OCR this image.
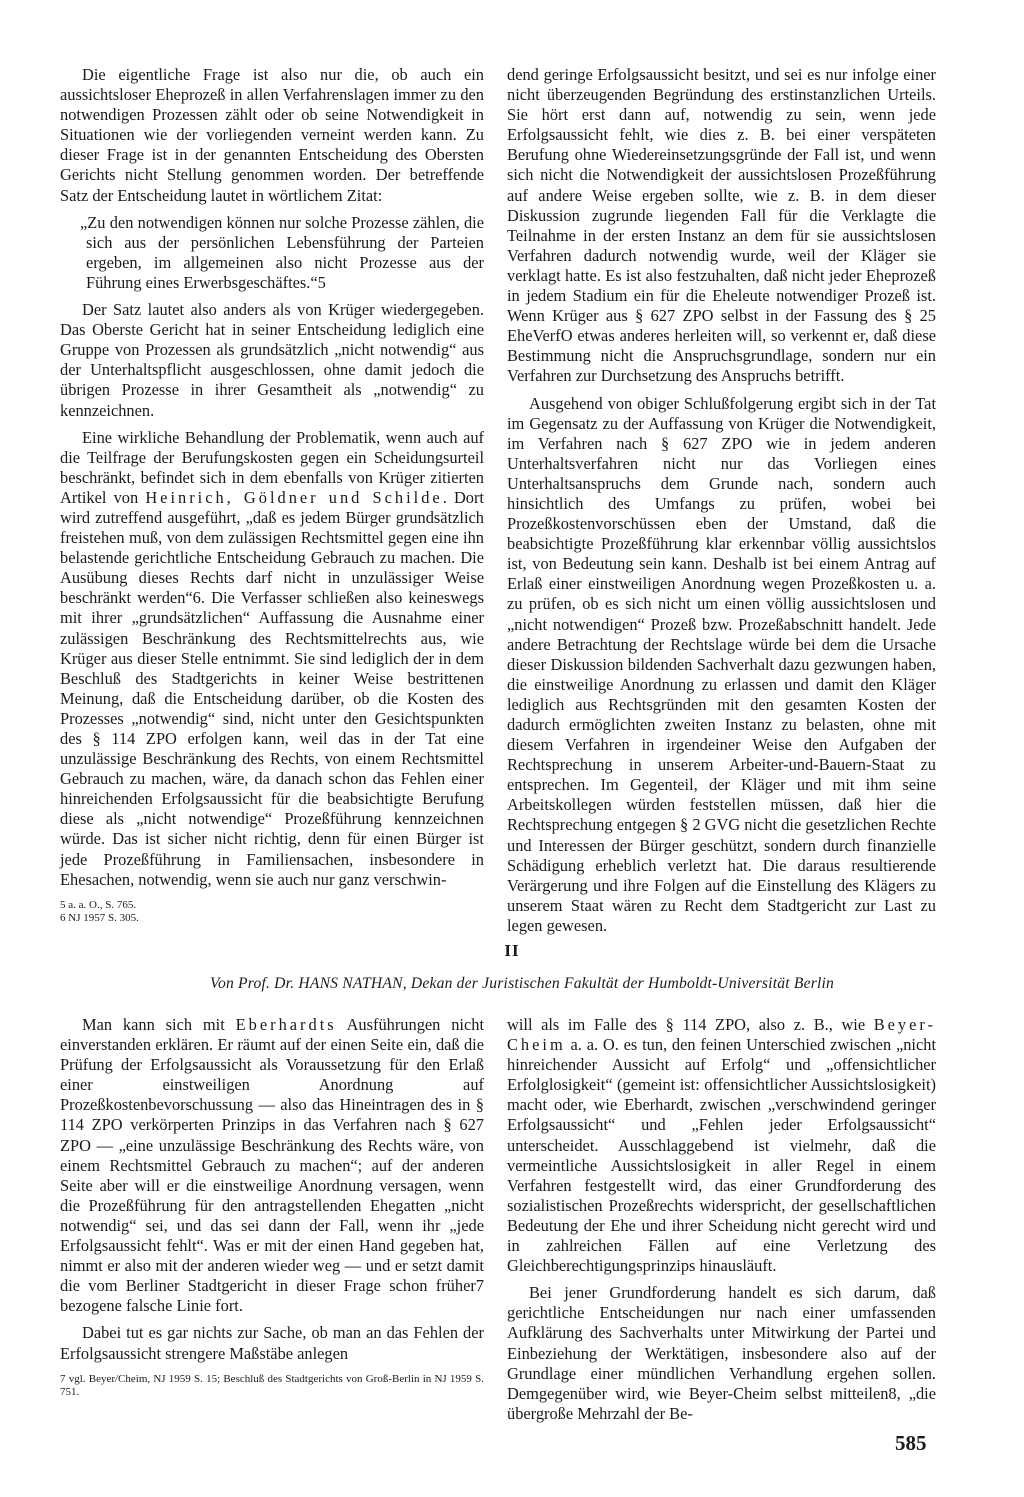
Die eigentliche Frage ist also nur die, ob auch ein aussichtsloser Eheprozeß in allen Verfahrenslagen immer zu den notwendigen Prozessen zählt oder ob seine Notwendigkeit in Situationen wie der vorliegenden verneint werden kann. Zu dieser Frage ist in der genannten Entscheidung des Obersten Gerichts nicht Stellung genommen worden. Der betreffende Satz der Entscheidung lautet in wörtlichem Zitat:

„Zu den notwendigen können nur solche Prozesse zählen, die sich aus der persönlichen Lebensführung der Parteien ergeben, im allgemeinen also nicht Prozesse aus der Führung eines Erwerbsgeschäftes.“5

Der Satz lautet also anders als von Krüger wiedergegeben. Das Oberste Gericht hat in seiner Entscheidung lediglich eine Gruppe von Prozessen als grundsätzlich „nicht notwendig“ aus der Unterhaltspflicht ausgeschlossen, ohne damit jedoch die übrigen Prozesse in ihrer Gesamtheit als „notwendig“ zu kennzeichnen.

Eine wirkliche Behandlung der Problematik, wenn auch auf die Teilfrage der Berufungskosten gegen ein Scheidungsurteil beschränkt, befindet sich in dem ebenfalls von Krüger zitierten Artikel von Heinrich, Göldner und Schilde. Dort wird zutreffend ausgeführt, „daß es jedem Bürger grundsätzlich freistehen muß, von dem zulässigen Rechtsmittel gegen eine ihn belastende gerichtliche Entscheidung Gebrauch zu machen. Die Ausübung dieses Rechts darf nicht in unzulässiger Weise beschränkt werden“6. Die Verfasser schließen also keineswegs mit ihrer „grundsätzlichen“ Auffassung die Ausnahme einer zulässigen Beschränkung des Rechtsmittelrechts aus, wie Krüger aus dieser Stelle entnimmt. Sie sind lediglich der in dem Beschluß des Stadtgerichts in keiner Weise bestrittenen Meinung, daß die Entscheidung darüber, ob die Kosten des Prozesses „notwendig“ sind, nicht unter den Gesichtspunkten des § 114 ZPO erfolgen kann, weil das in der Tat eine unzulässige Beschränkung des Rechts, von einem Rechtsmittel Gebrauch zu machen, wäre, da danach schon das Fehlen einer hinreichenden Erfolgsaussicht für die beabsichtigte Berufung diese als „nicht notwendige“ Prozeßführung kennzeichnen würde. Das ist sicher nicht richtig, denn für einen Bürger ist jede Prozeßführung in Familiensachen, insbesondere in Ehesachen, notwendig, wenn sie auch nur ganz verschwin-

5 a. a. O., S. 765.
6 NJ 1957 S. 305.

dend geringe Erfolgsaussicht besitzt, und sei es nur infolge einer nicht überzeugenden Begründung des erstinstanzlichen Urteils. Sie hört erst dann auf, notwendig zu sein, wenn jede Erfolgsaussicht fehlt, wie dies z. B. bei einer verspäteten Berufung ohne Wiedereinsetzungsgründe der Fall ist, und wenn sich nicht die Notwendigkeit der aussichtslosen Prozeßführung auf andere Weise ergeben sollte, wie z. B. in dem dieser Diskussion zugrunde liegenden Fall für die Verklagte die Teilnahme in der ersten Instanz an dem für sie aussichtslosen Verfahren dadurch notwendig wurde, weil der Kläger sie verklagt hatte. Es ist also festzuhalten, daß nicht jeder Eheprozeß in jedem Stadium ein für die Eheleute notwendiger Prozeß ist. Wenn Krüger aus § 627 ZPO selbst in der Fassung des § 25 EheVerfO etwas anderes herleiten will, so verkennt er, daß diese Bestimmung nicht die Anspruchsgrundlage, sondern nur ein Verfahren zur Durchsetzung des Anspruchs betrifft.

Ausgehend von obiger Schlußfolgerung ergibt sich in der Tat im Gegensatz zu der Auffassung von Krüger die Notwendigkeit, im Verfahren nach § 627 ZPO wie in jedem anderen Unterhaltsverfahren nicht nur das Vorliegen eines Unterhaltsanspruchs dem Grunde nach, sondern auch hinsichtlich des Umfangs zu prüfen, wobei bei Prozeßkostenvorschüssen eben der Umstand, daß die beabsichtigte Prozeßführung klar erkennbar völlig aussichtslos ist, von Bedeutung sein kann. Deshalb ist bei einem Antrag auf Erlaß einer einstweiligen Anordnung wegen Prozeßkosten u. a. zu prüfen, ob es sich nicht um einen völlig aussichtslosen und „nicht notwendigen“ Prozeß bzw. Prozeßabschnitt handelt. Jede andere Betrachtung der Rechtslage würde bei dem die Ursache dieser Diskussion bildenden Sachverhalt dazu gezwungen haben, die einstweilige Anordnung zu erlassen und damit den Kläger lediglich aus Rechtsgründen mit den gesamten Kosten der dadurch ermöglichten zweiten Instanz zu belasten, ohne mit diesem Verfahren in irgendeiner Weise den Aufgaben der Rechtsprechung in unserem Arbeiter-und-Bauern-Staat zu entsprechen. Im Gegenteil, der Kläger und mit ihm seine Arbeitskollegen würden feststellen müssen, daß hier die Rechtsprechung entgegen § 2 GVG nicht die gesetzlichen Rechte und Interessen der Bürger geschützt, sondern durch finanzielle Schädigung erheblich verletzt hat. Die daraus resultierende Verärgerung und ihre Folgen auf die Einstellung des Klägers zu unserem Staat wären zu Recht dem Stadtgericht zur Last zu legen gewesen.

II
Von Prof. Dr. HANS NATHAN, Dekan der Juristischen Fakultät der Humboldt-Universität Berlin

Man kann sich mit Eberhardts Ausführungen nicht einverstanden erklären. Er räumt auf der einen Seite ein, daß die Prüfung der Erfolgsaussicht als Voraussetzung für den Erlaß einer einstweiligen Anordnung auf Prozeßkostenbevorschussung — also das Hineintragen des in § 114 ZPO verkörperten Prinzips in das Verfahren nach § 627 ZPO — „eine unzulässige Beschränkung des Rechts wäre, von einem Rechtsmittel Gebrauch zu machen“; auf der anderen Seite aber will er die einstweilige Anordnung versagen, wenn die Prozeßführung für den antragstellenden Ehegatten „nicht notwendig“ sei, und das sei dann der Fall, wenn ihr „jede Erfolgsaussicht fehlt“. Was er mit der einen Hand gegeben hat, nimmt er also mit der anderen wieder weg — und er setzt damit die vom Berliner Stadtgericht in dieser Frage schon früher7 bezogene falsche Linie fort.

Dabei tut es gar nichts zur Sache, ob man an das Fehlen der Erfolgsaussicht strengere Maßstäbe anlegen

7 vgl. Beyer/Cheim, NJ 1959 S. 15; Beschluß des Stadtgerichts von Groß-Berlin in NJ 1959 S. 751.

will als im Falle des § 114 ZPO, also z. B., wie Beyer-Cheim a. a. O. es tun, den feinen Unterschied zwischen „nicht hinreichender Aussicht auf Erfolg“ und „offensichtlicher Erfolglosigkeit“ (gemeint ist: offensichtlicher Aussichtslosigkeit) macht oder, wie Eberhardt, zwischen „verschwindend geringer Erfolgsaussicht“ und „Fehlen jeder Erfolgsaussicht“ unterscheidet. Ausschlaggebend ist vielmehr, daß die vermeintliche Aussichtslosigkeit in aller Regel in einem Verfahren festgestellt wird, das einer Grundforderung des sozialistischen Prozeßrechts widerspricht, der gesellschaftlichen Bedeutung der Ehe und ihrer Scheidung nicht gerecht wird und in zahlreichen Fällen auf eine Verletzung des Gleichberechtigungsprinzips hinausläuft.

Bei jener Grundforderung handelt es sich darum, daß gerichtliche Entscheidungen nur nach einer umfassenden Aufklärung des Sachverhalts unter Mitwirkung der Partei und Einbeziehung der Werktätigen, insbesondere also auf der Grundlage einer mündlichen Verhandlung ergehen sollen. Demgegenüber wird, wie Beyer-Cheim selbst mitteilen8, „die übergroße Mehrzahl der Be-

585
